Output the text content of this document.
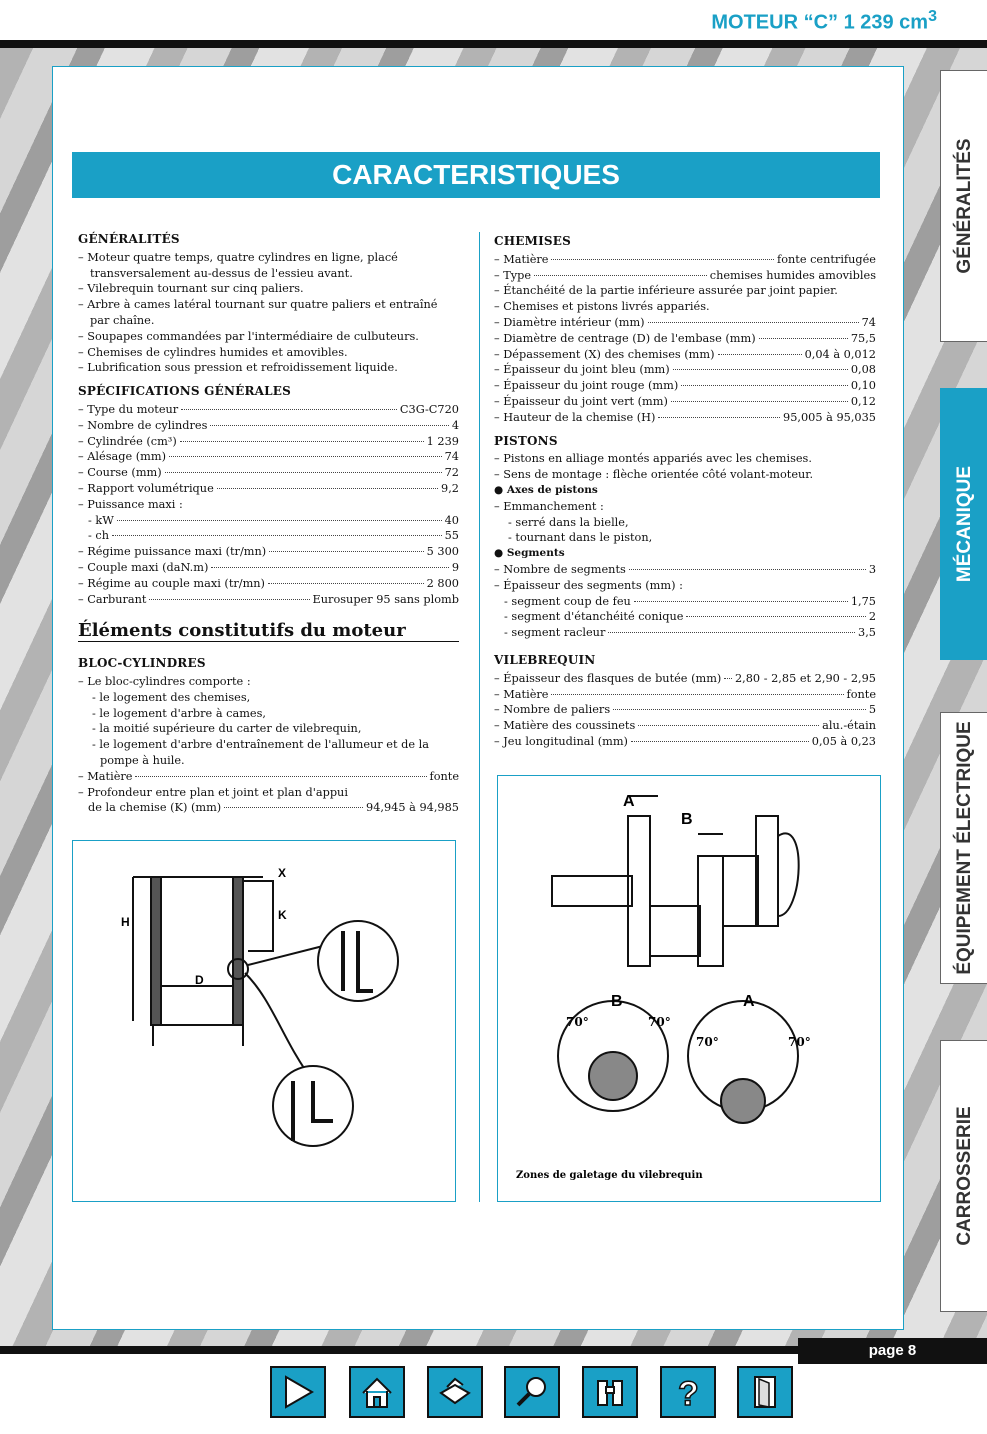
MOTEUR “C” 1 239 $cm^3$
CARACTERISTIQUES
GÉNÉRALITÉS
– Moteur quatre temps, quatre cylindres en ligne, placé transversalement au-dessus de l'essieu avant.
– Vilebrequin tournant sur cinq paliers.
– Arbre à cames latéral tournant sur quatre paliers et entraîné par chaîne.
– Soupapes commandées par l'intermédiaire de culbuteurs.
– Chemises de cylindres humides et amovibles.
– Lubrification sous pression et refroidissement liquide.
SPÉCIFICATIONS GÉNÉRALES
– Type du moteur	C3G-C720
– Nombre de cylindres	4
– Cylindrée (cm³)	1 239
– Alésage (mm)	74
– Course (mm)	72
– Rapport volumétrique	9,2
– Puissance maxi :
- kW	40
- ch	55
– Régime puissance maxi (tr/mn)	5 300
– Couple maxi (daN.m)	9
– Régime au couple maxi (tr/mn)	2 800
– Carburant	Eurosuper 95 sans plomb
Éléments constitutifs du moteur
BLOC-CYLINDRES
– Le bloc-cylindres comporte :
- le logement des chemises,
- le logement d'arbre à cames,
- la moitié supérieure du carter de vilebrequin,
- le logement d'arbre d'entraînement de l'allumeur et de la pompe à huile.
– Matière	fonte
– Profondeur entre plan et joint et plan d'appui
de la chemise (K) (mm)	94,945 à 94,985
CHEMISES
– Matière	fonte centrifugée
– Type	chemises humides amovibles
– Étanchéité de la partie inférieure assurée par joint papier.
– Chemises et pistons livrés appariés.
– Diamètre intérieur (mm)	74
– Diamètre de centrage (D) de l'embase (mm)	75,5
– Dépassement (X) des chemises (mm)	0,04 à 0,012
– Épaisseur du joint bleu (mm)	0,08
– Épaisseur du joint rouge (mm)	0,10
– Épaisseur du joint vert (mm)	0,12
– Hauteur de la chemise (H)	95,005 à 95,035
PISTONS
– Pistons en alliage montés appariés avec les chemises.
– Sens de montage : flèche orientée côté volant-moteur.
● Axes de pistons
– Emmanchement :
- serré dans la bielle,
- tournant dans le piston,
● Segments
– Nombre de segments	3
– Épaisseur des segments (mm) :
- segment coup de feu	1,75
- segment d'étanchéité conique	2
- segment racleur	3,5
VILEBREQUIN
– Épaisseur des flasques de butée (mm) 2,80 - 2,85 et 2,90 - 2,95
– Matière	fonte
– Nombre de paliers	5
– Matière des coussinets	alu.-étain
– Jeu longitudinal (mm)	0,05 à 0,23
X
H	K
D
A
B
B	A
70°	70°
70°	70°
Zones de galetage du vilebrequin
GÉNÉRALITÉS
MÉCANIQUE
ÉQUIPEMENT ÉLECTRIQUE
CARROSSERIE
page 8
?
